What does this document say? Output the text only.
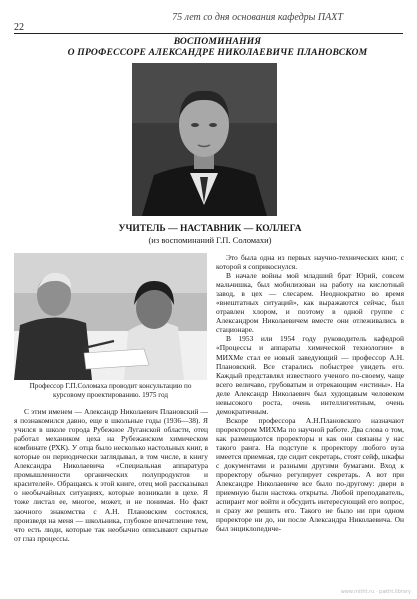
22
75 лет со дня основания кафедры ПАХТ
ВОСПОМИНАНИЯ
О ПРОФЕССОРЕ АЛЕКСАНДРЕ НИКОЛАЕВИЧЕ ПЛАНОВСКОМ
УЧИТЕЛЬ — НАСТАВНИК — КОЛЛЕГА
(из воспоминаний Г.П. Соломахи)
Профессор Г.П.Соломаха проводит консультацию по
курсовому проектированию. 1975 год

С этим именем — Александр Николаевич Плановский — я познакомился давно, еще в школьные годы (1936—38). Я учился в школе города Рубежное Луганской области, отец работал механиком цеха на Рубежанском химическом комбинате (РХК). У отца было несколько настольных книг, в которые он периодически заглядывал, в том числе, в книгу Александра Николаевича «Специальная аппаратура промышленности органических полупродуктов и красителей». Обращаясь к этой книге, отец мой рассказывал о необычайных ситуациях, которые возникали в цехе. Я тоже листал ее, многое, может, и не понимая. Но факт заочного знакомства с А.Н. Плановским состоялся, произведя на меня — школьника, глубокое впечатление тем, что есть люди, которые так необычно описывают скрытые от глаз процессы.

Это была одна из первых научно-технических книг, с которой я соприкоснулся.

В начале войны мой младший брат Юрий, совсем мальчишка, был мобилизован на работу на кислотный завод, в цех — слесарем. Неоднократно во время «внештатных ситуаций», как выражаются сейчас, был отравлен хлором, и поэтому в одной группе с Александром Николаевичем вместе они отлеживались в стационаре.

В 1953 или 1954 году руководитель кафедрой «Процессы и аппараты химической технологии» в МИХМе стал ее новый заведующий — профессор А.Н. Плановский. Все старались побыстрее увидеть его. Каждый представлял известного ученого по-своему, чаще всего величаво, грубоватым и отрекающим «истины». На деле Александр Николаевич был худощавым человеком невысокого роста, очень интеллигентным, очень демократичным.

Вскоре профессора А.Н.Плановского назначают проректором МИХМа по научной работе. Два слова о том, как размещаются проректоры и как они связаны у нас такого ранга. На подступе к проректору любого вуза имеется приемная, где сидит секретарь, стоят сейф, шкафы с документами и разными другими бумагами. Вход к проректору обычно регулирует секретарь. А вот при Александре Николаевиче все было по-другому: двери в приемную были настежь открыты. Любой преподаватель, аспирант мог войти и обсудить интересующий его вопрос, и сразу же решить его. Такого не было ни при одном проректоре ни до, ни после Александра Николаевича. Он был энциклопедиче-

www.mitht.ru · pakht.library
